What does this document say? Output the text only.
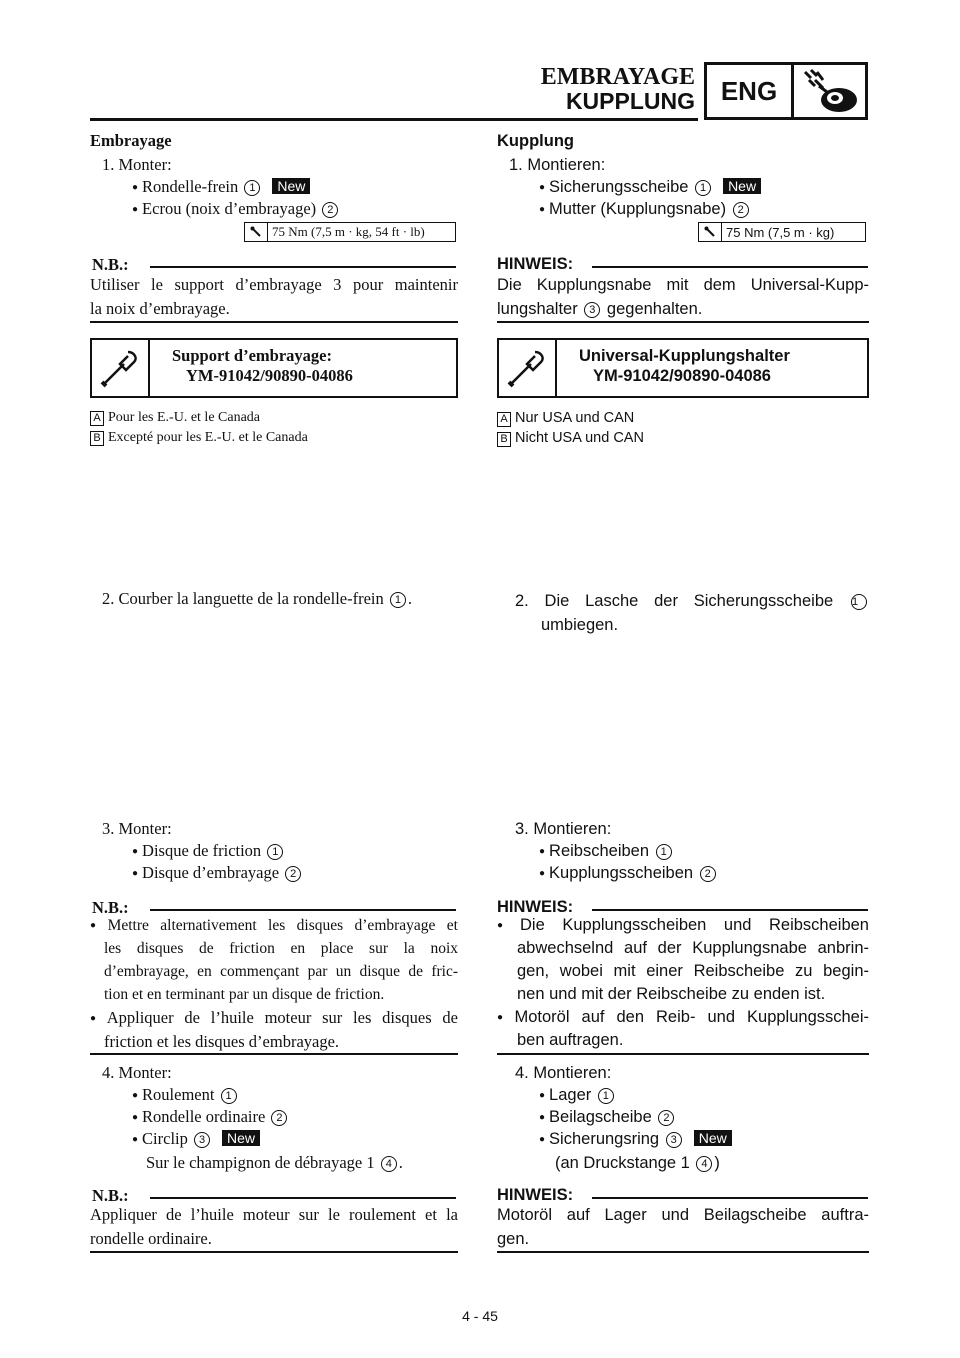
EMBRAYAGE
KUPPLUNG ENG
Embrayage
1. Monter:
● Rondelle-frein 1 New
● Ecrou (noix d’embrayage) 2
75 Nm (7,5 m · kg, 54 ft · lb)
N.B.:
Utiliser le support d’embrayage 3 pour maintenir
la noix d’embrayage.
Support d’embrayage:
YM-91042/90890-04086
A Pour les E.-U. et le Canada
B Excepté pour les E.-U. et le Canada
2. Courber la languette de la rondelle-frein 1 .
3. Monter:
● Disque de friction 1
● Disque d’embrayage 2
N.B.:
● Mettre alternativement les disques d’embrayage et
les disques de friction en place sur la noix
d’embrayage, en commençant par un disque de fric-
tion et en terminant par un disque de friction.
● Appliquer de l’huile moteur sur les disques de
friction et les disques d’embrayage.
4. Monter:
● Roulement 1
● Rondelle ordinaire 2
● Circlip 3 New
Sur le champignon de débrayage 1 4 .
N.B.:
Appliquer de l’huile moteur sur le roulement et la
rondelle ordinaire.
Kupplung
1. Montieren:
● Sicherungsscheibe 1 New
● Mutter (Kupplungsnabe) 2
75 Nm (7,5 m · kg)
HINWEIS:
Die Kupplungsnabe mit dem Universal-Kupp-
lungshalter 3 gegenhalten.
Universal-Kupplungshalter
YM-91042/90890-04086
A Nur USA und CAN
B Nicht USA und CAN
2. Die Lasche der Sicherungsscheibe 1
umbiegen.
3. Montieren:
● Reibscheiben 1
● Kupplungsscheiben 2
HINWEIS:
● Die Kupplungsscheiben und Reibscheiben
abwechselnd auf der Kupplungsnabe anbrin-
gen, wobei mit einer Reibscheibe zu begin-
nen und mit der Reibscheibe zu enden ist.
● Motoröl auf den Reib- und Kupplungsschei-
ben auftragen.
4. Montieren:
● Lager 1
● Beilagscheibe 2
● Sicherungsring 3 New
(an Druckstange 1 4 )
HINWEIS:
Motoröl auf Lager und Beilagscheibe auftra-
gen.
4 - 45
